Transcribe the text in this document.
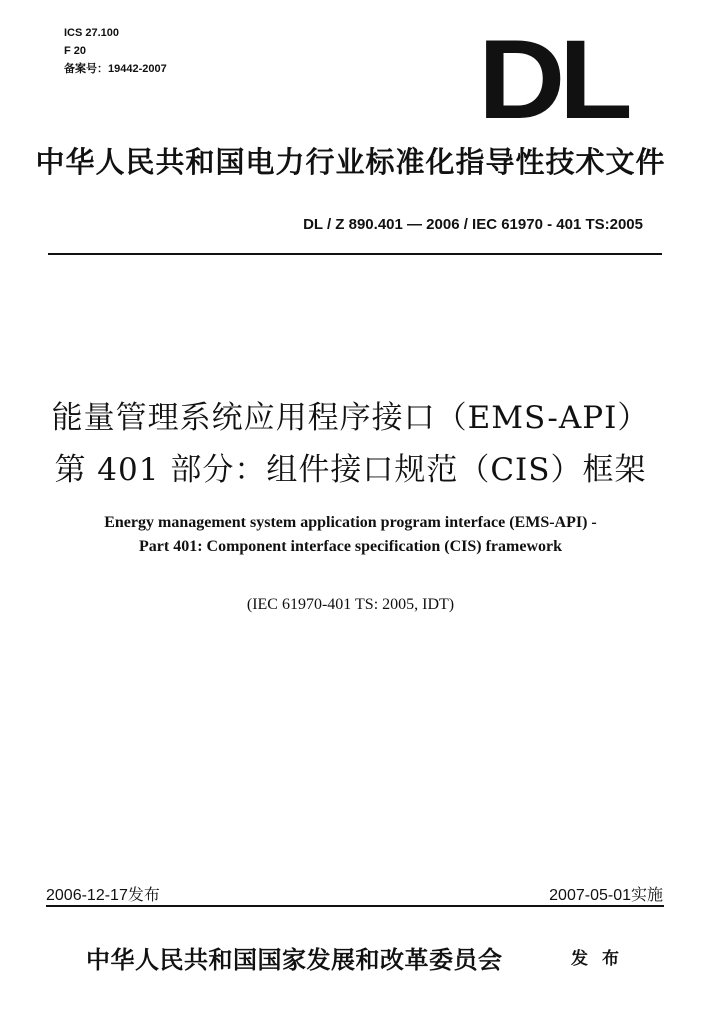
ICS 27.100
F 20
备案号：19442-2007	DL
中华人民共和国电力行业标准化指导性技术文件
DL / Z 890.401 — 2006 / IEC 61970 - 401 TS:2005
能量管理系统应用程序接口（EMS-API）
第 401 部分：组件接口规范（CIS）框架
Energy management system application program interface (EMS-API) -
Part 401: Component interface specification (CIS) framework
(IEC 61970-401 TS: 2005, IDT)
2006-12-17发布	2007-05-01实施
中华人民共和国国家发展和改革委员会	发布
